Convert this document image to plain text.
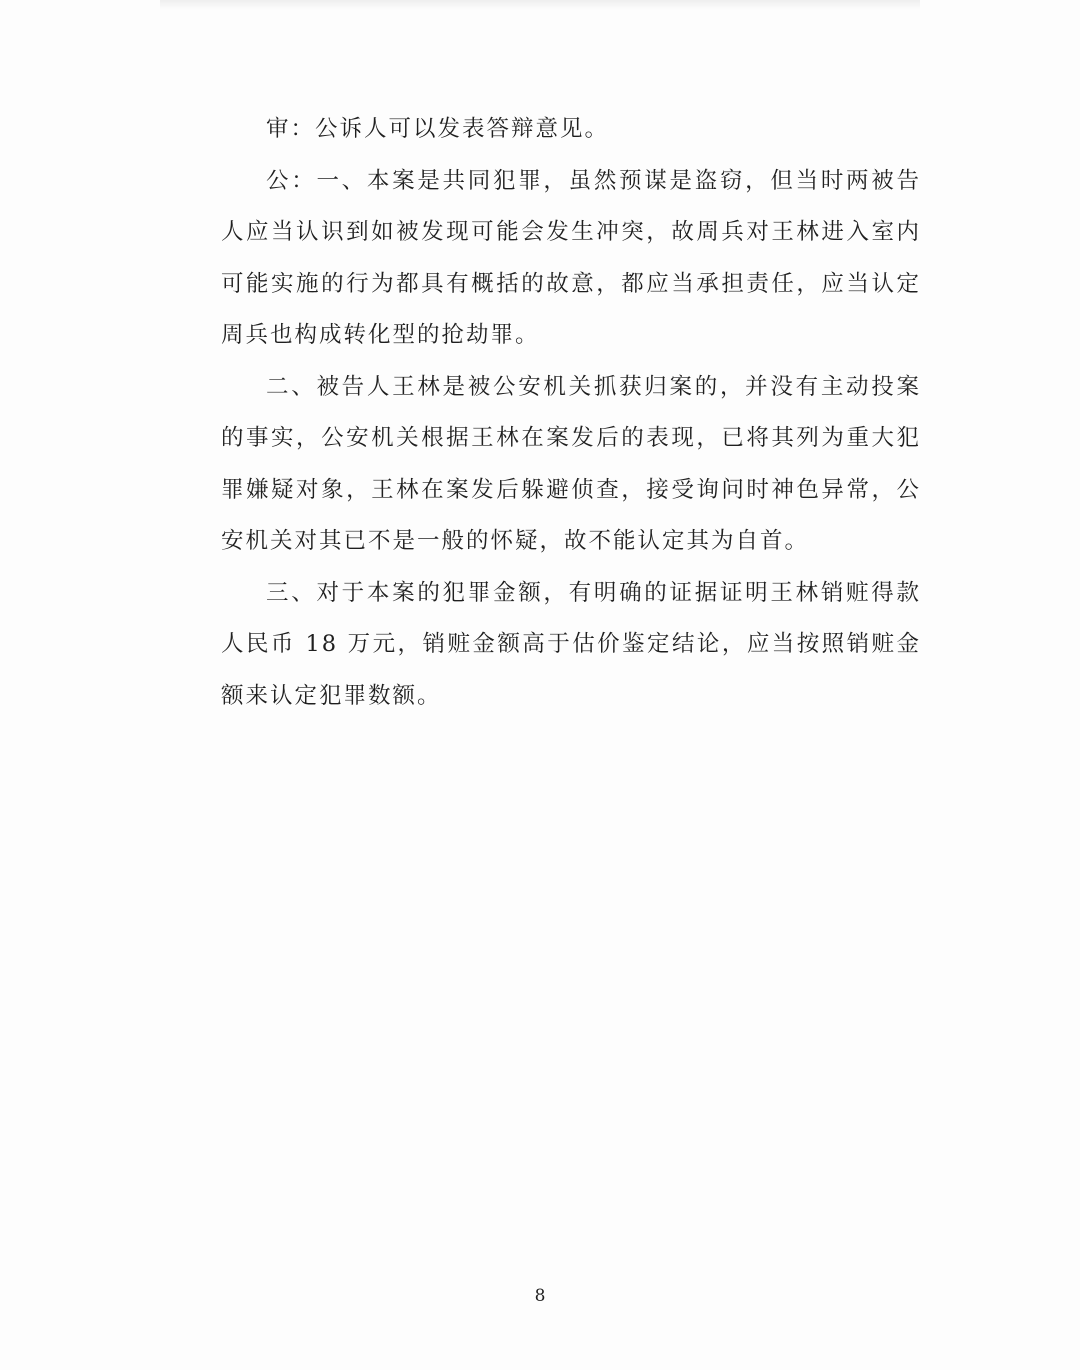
审：公诉人可以发表答辩意见。

公：一、本案是共同犯罪，虽然预谋是盗窃，但当时两被告人应当认识到如被发现可能会发生冲突，故周兵对王林进入室内可能实施的行为都具有概括的故意，都应当承担责任，应当认定周兵也构成转化型的抢劫罪。

二、被告人王林是被公安机关抓获归案的，并没有主动投案的事实，公安机关根据王林在案发后的表现，已将其列为重大犯罪嫌疑对象，王林在案发后躲避侦查，接受询问时神色异常，公安机关对其已不是一般的怀疑，故不能认定其为自首。

三、对于本案的犯罪金额，有明确的证据证明王林销赃得款人民币 18 万元，销赃金额高于估价鉴定结论，应当按照销赃金额来认定犯罪数额。

8
